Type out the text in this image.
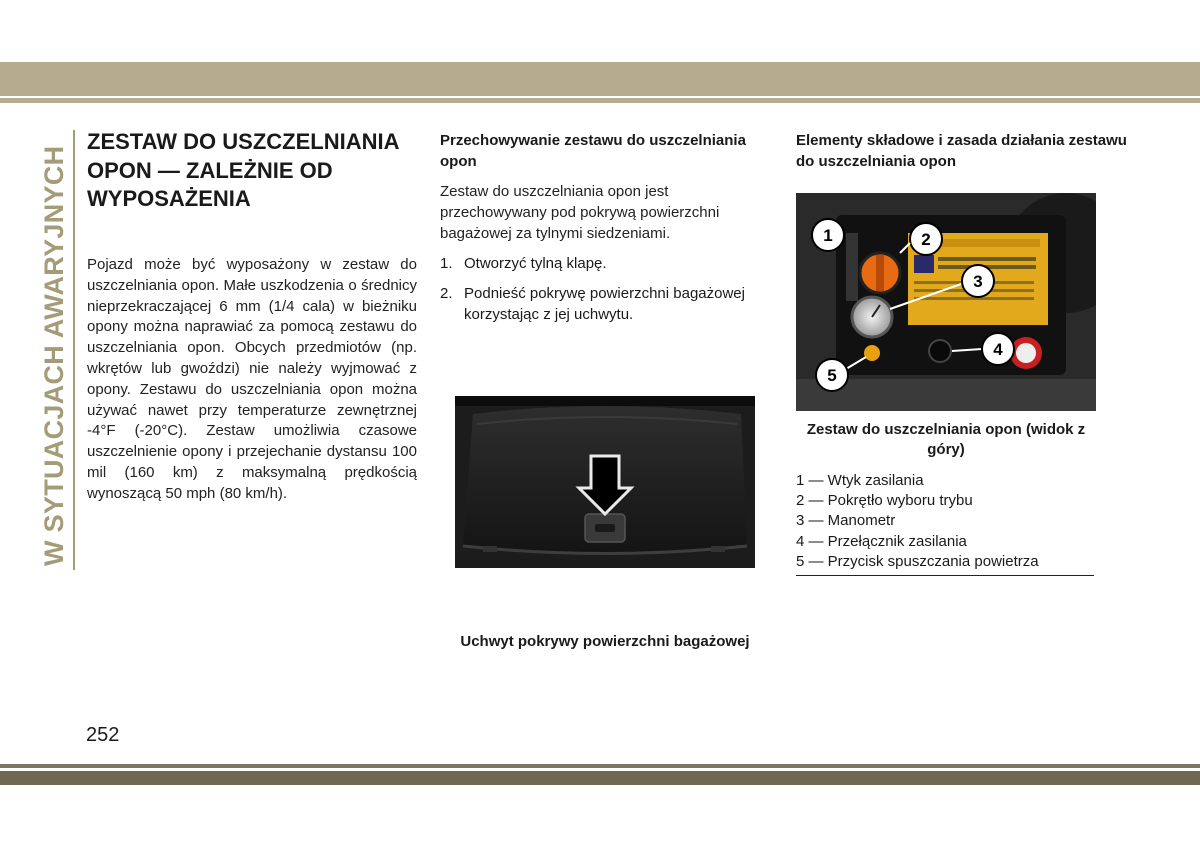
W SYTUACJACH AWARYJNYCH
ZESTAW DO USZCZELNIANIA OPON — ZALEŻNIE OD WYPOSAŻENIA
Pojazd może być wyposażony w zestaw do uszczelniania opon. Małe uszkodzenia o średnicy nieprzekraczającej 6 mm (1/4 cala) w bieżniku opony można naprawiać za pomocą zestawu do uszczelniania opon. Obcych przedmiotów (np. wkrętów lub gwoździ) nie należy wyjmować z opony. Zestawu do uszczelniania opon można używać nawet przy temperaturze zewnętrznej -4°F (-20°C). Zestaw umożliwia czasowe uszczelnienie opony i przejechanie dystansu 100 mil (160 km) z maksymalną prędkością wynoszącą 50 mph (80 km/h).
Przechowywanie zestawu do uszczelniania opon

Zestaw do uszczelniania opon jest przechowywany pod pokrywą powierzchni bagażowej za tylnymi siedzeniami.

1. Otworzyć tylną klapę.
2. Podnieść pokrywę powierzchni bagażowej korzystając z jej uchwytu.
Uchwyt pokrywy powierzchni bagażowej
Elementy składowe i zasada działania zestawu do uszczelniania opon
1	2
3
4
5
Zestaw do uszczelniania opon (widok z góry)
1 — Wtyk zasilania
2 — Pokrętło wyboru trybu
3 — Manometr
4 — Przełącznik zasilania
5 — Przycisk spuszczania powietrza
252
